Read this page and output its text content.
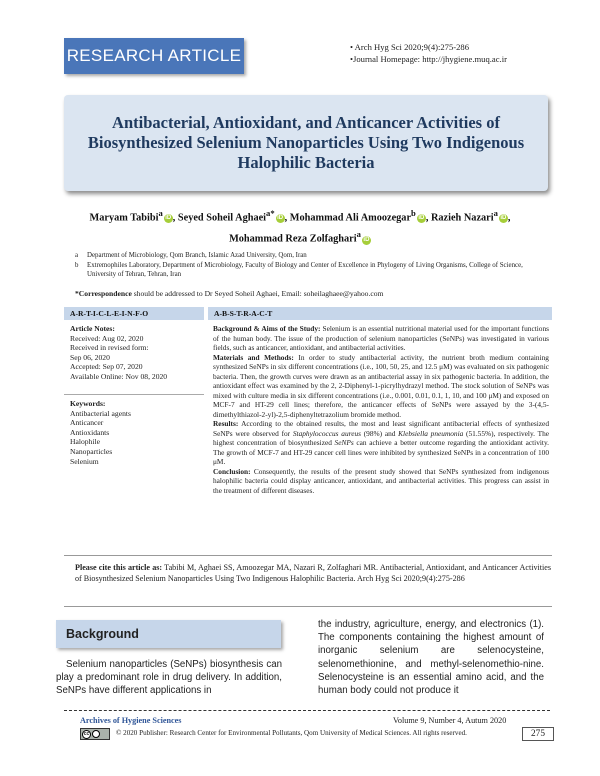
RESEARCH ARTICLE	• Arch Hyg Sci 2020;9(4):275-286
•Journal Homepage: http://jhygiene.muq.ac.ir
Antibacterial, Antioxidant, and Anticancer Activities of Biosynthesized Selenium Nanoparticles Using Two Indigenous Halophilic Bacteria
Maryam Tabibi$^a$iD , Seyed Soheil Aghaei$^{a*}$iD , Mohammad Ali Amoozegar$^b$iD , Razieh Nazari$^a$iD ,
Mohammad Reza Zolfaghari$^a$iD
a	Department of Microbiology, Qom Branch, Islamic Azad University, Qom, Iran
b	Extremophiles Laboratory, Department of Microbiology, Faculty of Biology and Center of Excellence in Phylogeny of Living Organisms, College of Science, University of Tehran, Tehran, Iran
*Correspondence should be addressed to Dr Seyed Soheil Aghaei, Email: soheilaghaee@yahoo.com
A-R-T-I-C-L-E-I-N-F-O	A-B-S-T-R-A-C-T
Article Notes:
Received: Aug 02, 2020
Received in revised form:
Sep 06, 2020
Accepted: Sep 07, 2020
Available Online: Nov 08, 2020
Keywords:
Antibacterial agents
Anticancer
Antioxidants
Halophile
Nanoparticles
Selenium

Background & Aims of the Study: Selenium is an essential nutritional material used for the important functions of the human body. The issue of the production of selenium nanoparticles (SeNPs) was investigated in various fields, such as anticancer, antioxidant, and antibacterial activities.

Materials and Methods: In order to study antibacterial activity, the nutrient broth medium containing synthesized SeNPs in six different concentrations (i.e., 100, 50, 25, and 12.5 μM) was evaluated on six pathogenic bacteria. Then, the growth curves were drawn as an antibacterial assay in six pathogenic bacteria. In addition, the antioxidant effect was examined by the 2, 2-Diphenyl-1-picrylhydrazyl method. The stock solution of SeNPs was mixed with culture media in six different concentrations (i.e., 0.001, 0.01, 0.1, 1, 10, and 100 μM) and exposed on MCF-7 and HT-29 cell lines; therefore, the anticancer effects of SeNPs were assayed by the 3-(4,5-dimethylthiazol-2-yl)-2,5-diphenyltetrazolium bromide method.

Results: According to the obtained results, the most and least significant antibacterial effects of synthesized SeNPs were observed for Staphylococcus aureus (98%) and Klebsiella pneumonia (51.55%), respectively. The highest concentration of biosynthesized SeNPs can achieve a better outcome regarding the antioxidant activity. The growth of MCF-7 and HT-29 cancer cell lines were inhibited by synthesized SeNPs in a concentration of 100 μM.

Conclusion: Consequently, the results of the present study showed that SeNPs synthesized from indigenous halophilic bacteria could display anticancer, antioxidant, and antibacterial activities. This progress can assist in the treatment of different diseases.

Please cite this article as: Tabibi M, Aghaei SS, Amoozegar MA, Nazari R, Zolfaghari MR. Antibacterial, Antioxidant, and Anticancer Activities of Biosynthesized Selenium Nanoparticles Using Two Indigenous Halophilic Bacteria. Arch Hyg Sci 2020;9(4):275-286
Background
Selenium nanoparticles (SeNPs) biosynthesis can play a predominant role in drug delivery. In addition, SeNPs have different applications in
the industry, agriculture, energy, and electronics (1). The components containing the highest amount of inorganic selenium are selenocysteine, selenomethionine, and methyl-selenomethio-nine. Selenocysteine is an essential amino acid, and the human body could not produce it
Archives of Hygiene Sciences	Volume 9, Number 4, Autum 2020
cc	© 2020 Publisher: Research Center for Environmental Pollutants, Qom University of Medical Sciences. All rights reserved.	275
